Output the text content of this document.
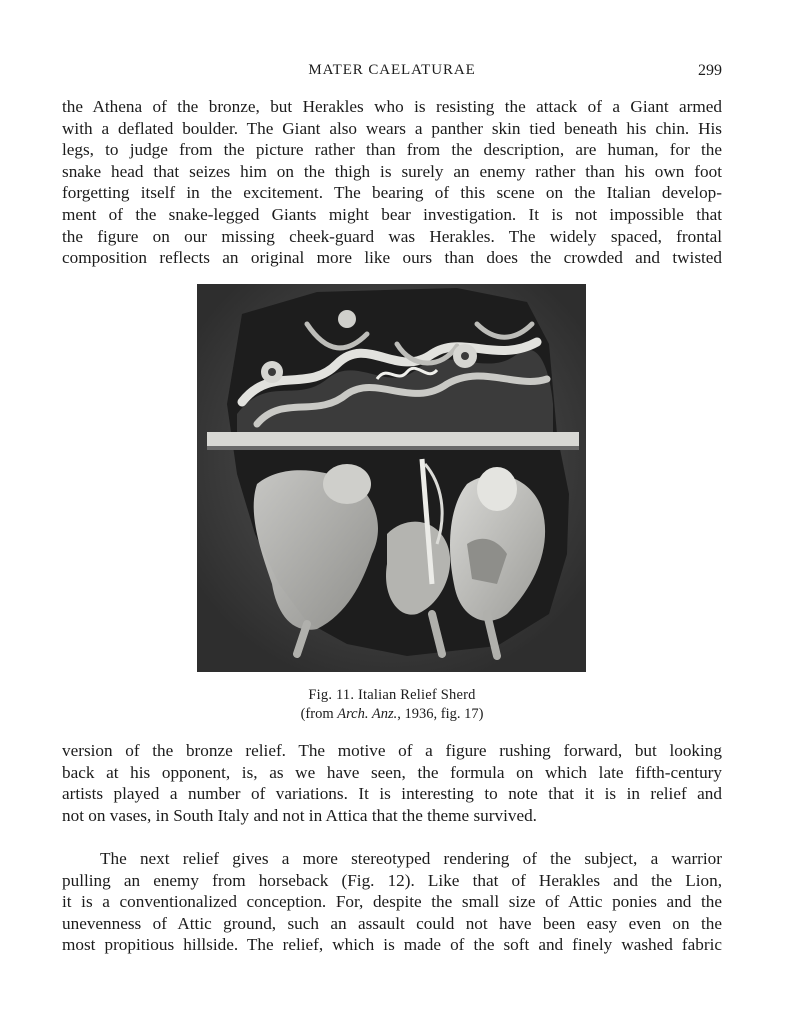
MATER CAELATURAE	299
the Athena of the bronze, but Herakles who is resisting the attack of a Giant armed
with a deflated boulder. The Giant also wears a panther skin tied beneath his chin. His
legs, to judge from the picture rather than from the description, are human, for the
snake head that seizes him on the thigh is surely an enemy rather than his own foot
forgetting itself in the excitement. The bearing of this scene on the Italian develop-
ment of the snake-legged Giants might bear investigation. It is not impossible that
the figure on our missing cheek-guard was Herakles. The widely spaced, frontal
composition reflects an original more like ours than does the crowded and twisted
Fig. 11. Italian Relief Sherd
(from Arch. Anz., 1936, fig. 17)
version of the bronze relief. The motive of a figure rushing forward, but looking
back at his opponent, is, as we have seen, the formula on which late fifth-century
artists played a number of variations. It is interesting to note that it is in relief and
not on vases, in South Italy and not in Attica that the theme survived.
The next relief gives a more stereotyped rendering of the subject, a warrior
pulling an enemy from horseback (Fig. 12). Like that of Herakles and the Lion,
it is a conventionalized conception. For, despite the small size of Attic ponies and the
unevenness of Attic ground, such an assault could not have been easy even on the
most propitious hillside. The relief, which is made of the soft and finely washed fabric
